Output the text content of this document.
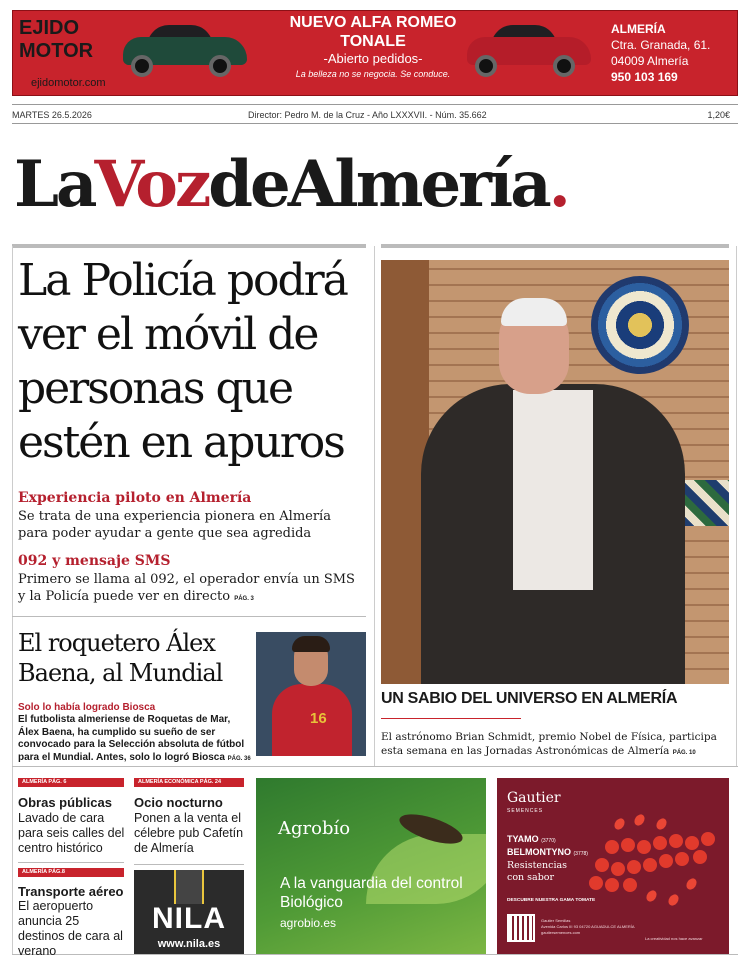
EJIDO MOTOR
ejidomotor.com
NUEVO ALFA ROMEO
TONALE
-Abierto pedidos-
La belleza no se negocia. Se conduce.
ALMERÍA
Ctra. Granada, 61.
04009 Almería
950 103 169
MARTES 26.5.2026	Director: Pedro M. de la Cruz - Año LXXXVII. - Núm. 35.662	1,20€
LaVozdeAlmería.
La Policía podrá ver el móvil de personas que estén en apuros
Experiencia piloto en Almería
Se trata de una experiencia pionera en Almería para poder ayudar a gente que sea agredida
092 y mensaje SMS
Primero se llama al 092, el operador envía un SMS y la Policía puede ver en directo PÁG. 3
UN SABIO DEL UNIVERSO EN ALMERÍA
El astrónomo Brian Schmidt, premio Nobel de Física, participa esta semana en las Jornadas Astronómicas de Almería PÁG. 10
El roquetero Álex Baena, al Mundial
Solo lo había logrado Biosca
El futbolista almeriense de Roquetas de Mar, Álex Baena, ha cumplido su sueño de ser convocado para la Selección absoluta de fútbol para el Mundial. Antes, solo lo logró Biosca PÁG. 36
16
ALMERÍA PÁG. 6
Obras públicas
Lavado de cara para seis calles del centro histórico
ALMERÍA ECONÓMICA PÁG. 24
Ocio nocturno
Ponen a la venta el célebre pub Cafetín de Almería
ALMERÍA PÁG.8
Transporte aéreo
El aeropuerto anuncia 25 destinos de cara al verano
NILA
www.nila.es
Agrobío
A la vanguardia del control Biológico
agrobio.es
Gautier
SEMENCES
TYAMO (3770)
BELMONTYNO (3778)
Resistencias
con sabor
DESCUBRE NUESTRA GAMA TOMATE
Gautier Semillas
Avenida Carlos III 93 04720 AGUADULCE ALMERÍA
gautiersemences.com
La creatividad nos hace avanzar
